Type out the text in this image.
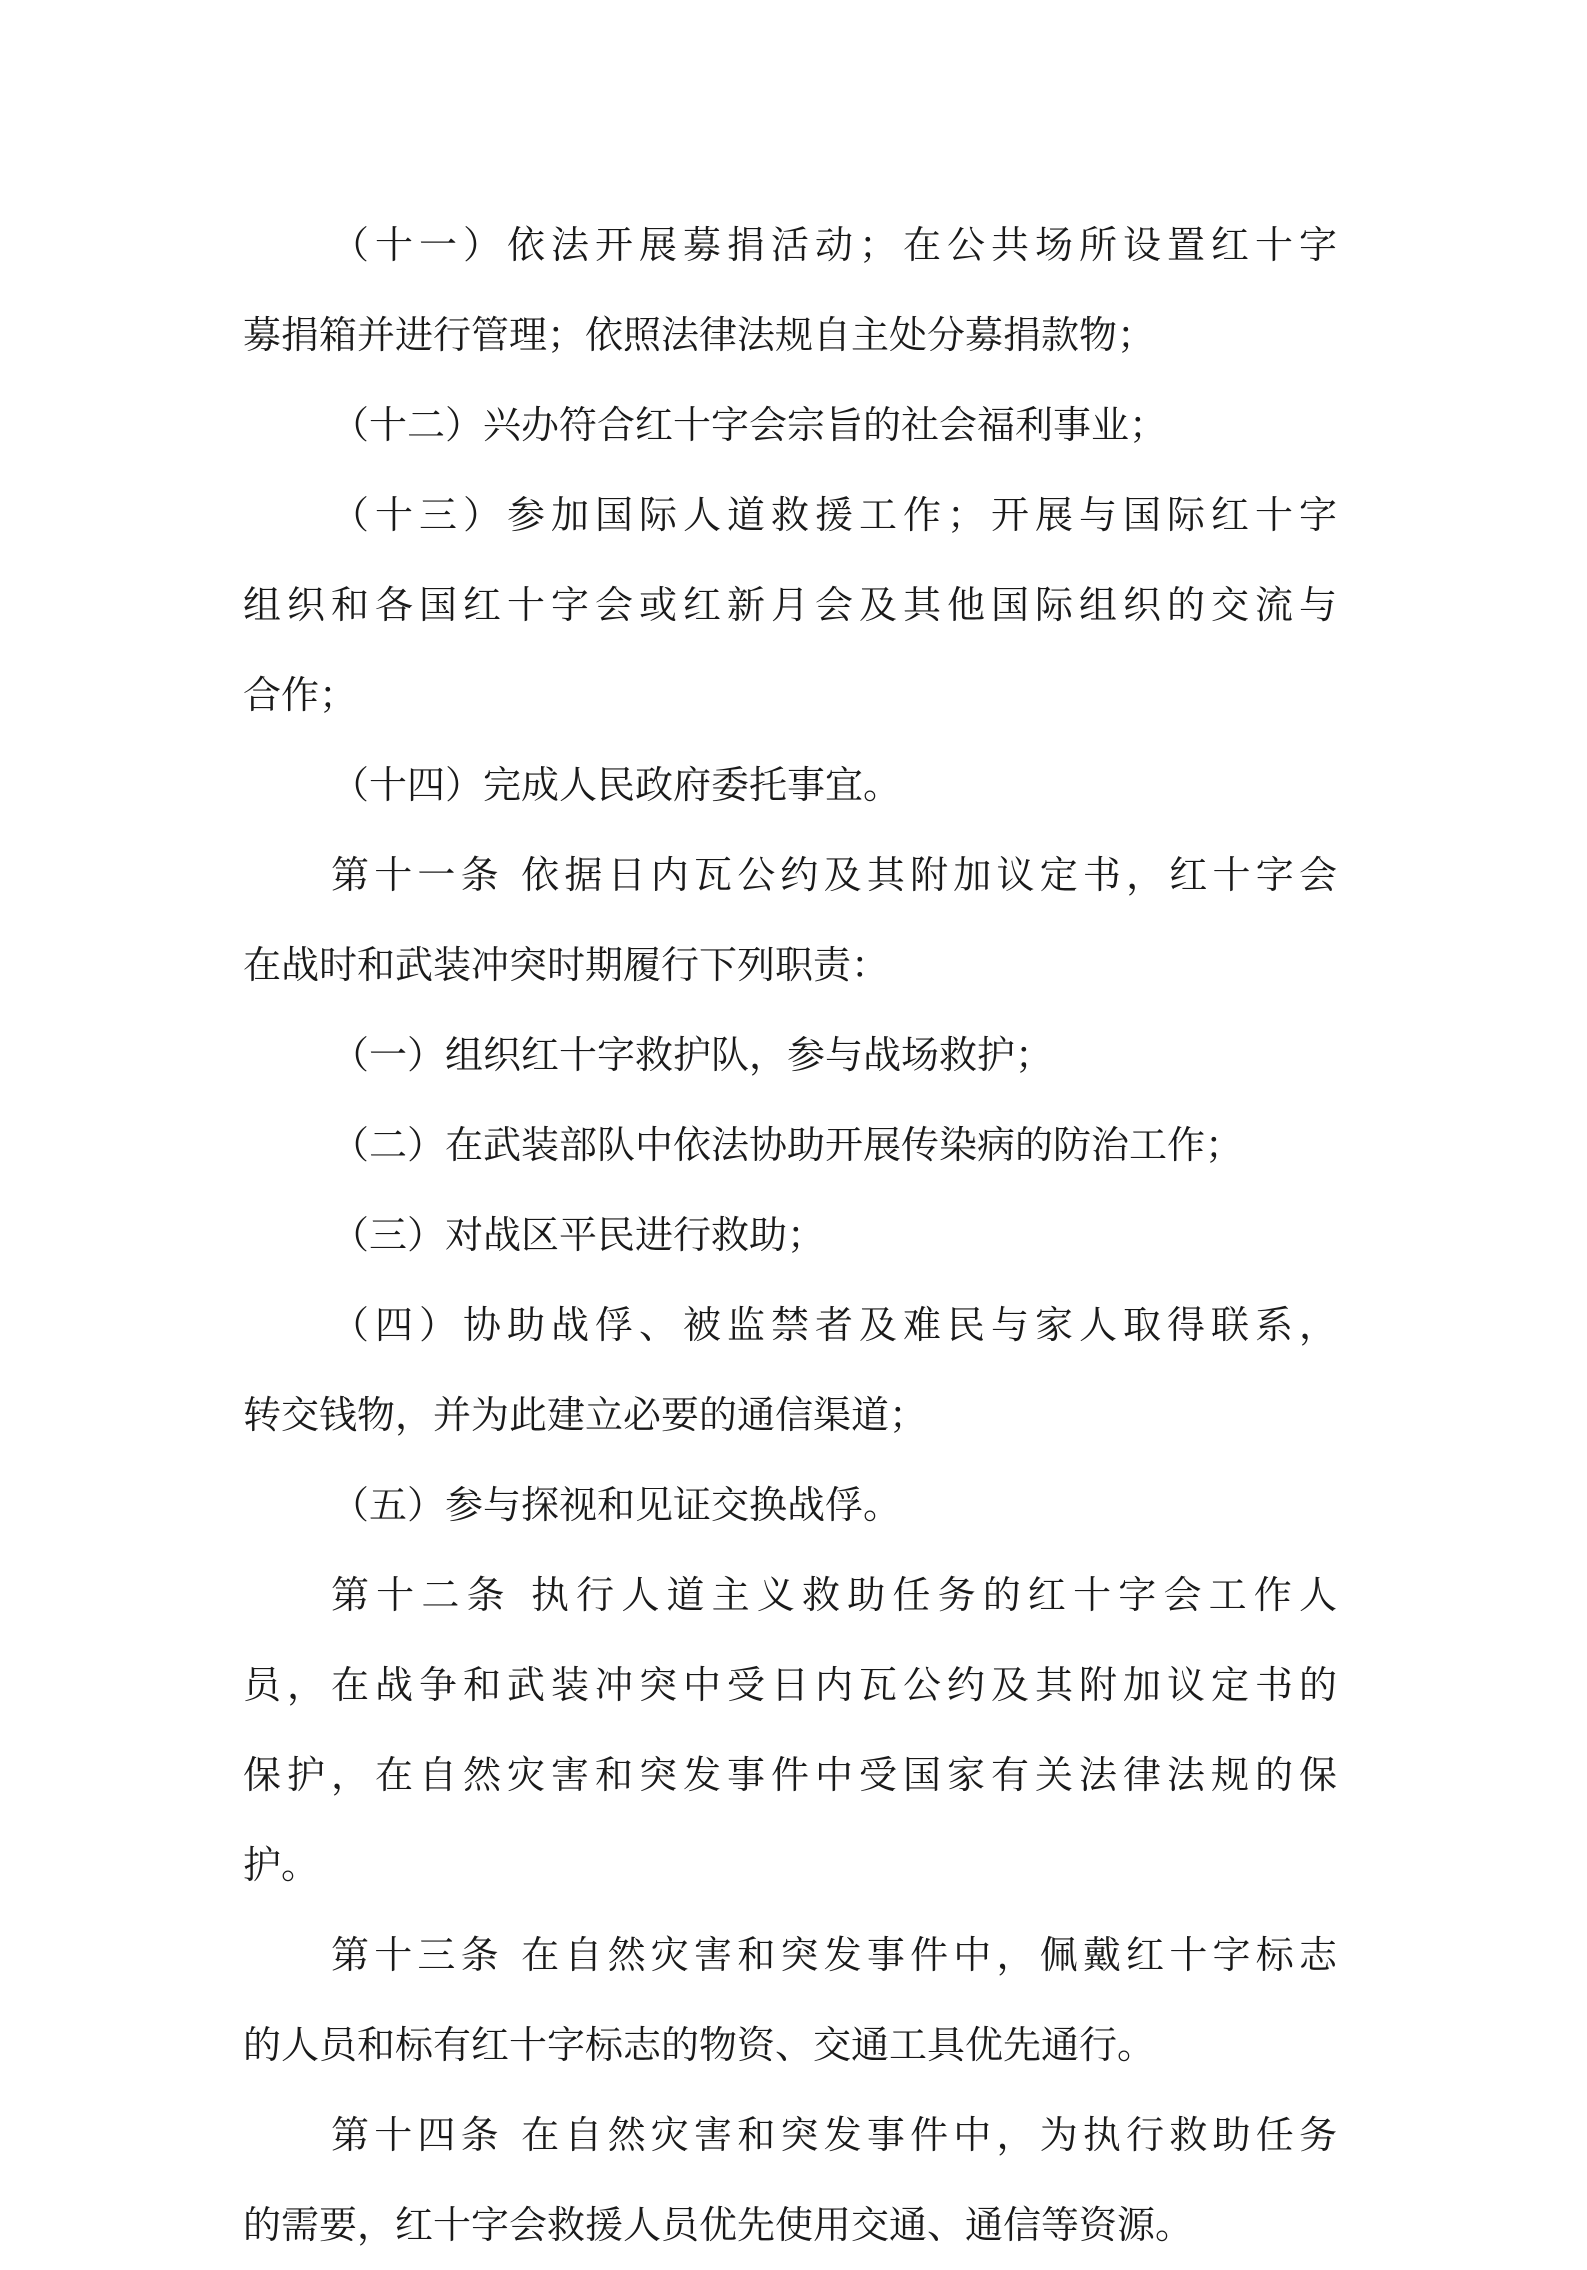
（十一）依法开展募捐活动；在公共场所设置红十字
募捐箱并进行管理；依照法律法规自主处分募捐款物；
（十二）兴办符合红十字会宗旨的社会福利事业；
（十三）参加国际人道救援工作；开展与国际红十字
组织和各国红十字会或红新月会及其他国际组织的交流与
合作；
（十四）完成人民政府委托事宜。
第十一条 依据日内瓦公约及其附加议定书，红十字会
在战时和武装冲突时期履行下列职责：
（一）组织红十字救护队，参与战场救护；
（二）在武装部队中依法协助开展传染病的防治工作；
（三）对战区平民进行救助；
（四）协助战俘、被监禁者及难民与家人取得联系，
转交钱物，并为此建立必要的通信渠道；
（五）参与探视和见证交换战俘。
第十二条 执行人道主义救助任务的红十字会工作人
员，在战争和武装冲突中受日内瓦公约及其附加议定书的
保护，在自然灾害和突发事件中受国家有关法律法规的保
护。
第十三条 在自然灾害和突发事件中，佩戴红十字标志
的人员和标有红十字标志的物资、交通工具优先通行。
第十四条 在自然灾害和突发事件中，为执行救助任务
的需要，红十字会救援人员优先使用交通、通信等资源。
